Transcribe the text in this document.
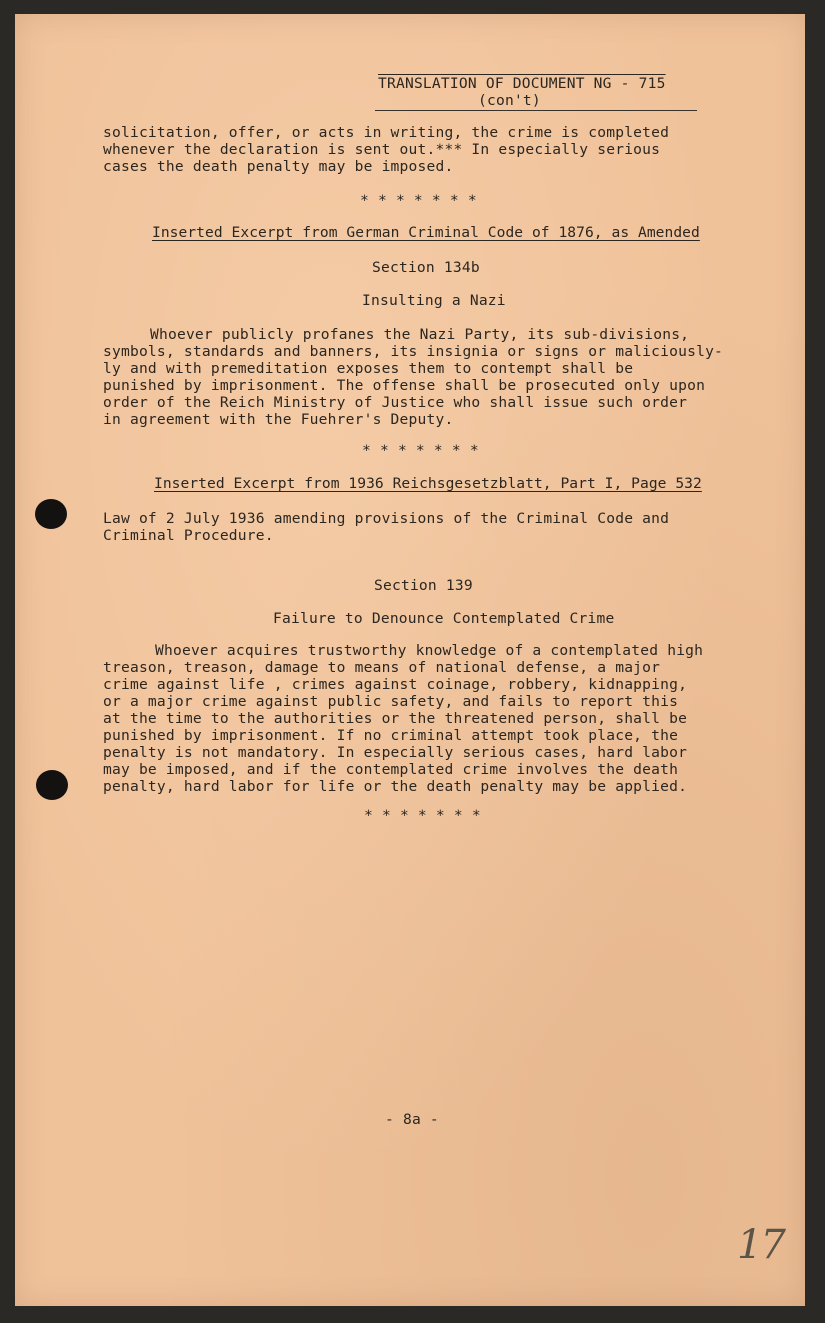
TRANSLATION OF DOCUMENT NG - 715

(con't)

solicitation, offer, or acts in writing, the crime is completed
whenever the declaration is sent out.*** In especially serious
cases the death penalty may be imposed.

* * * * * * *

Inserted Excerpt from German Criminal Code of 1876, as Amended

Section 134b

Insulting a Nazi

Whoever publicly profanes the Nazi Party, its sub-divisions,
symbols, standards and banners, its insignia or signs or maliciously-
ly and with premeditation exposes them to contempt shall be
punished by imprisonment. The offense shall be prosecuted only upon
order of the Reich Ministry of Justice who shall issue such order
in agreement with the Fuehrer's Deputy.

* * * * * * *

Inserted Excerpt from 1936 Reichsgesetzblatt, Part I, Page 532

Law of 2 July 1936 amending provisions of the Criminal Code and
Criminal Procedure.

Section 139

Failure to Denounce Contemplated Crime

Whoever acquires trustworthy knowledge of a contemplated high
treason, treason, damage to means of national defense, a major
crime against life , crimes against coinage, robbery, kidnapping,
or a major crime against public safety, and fails to report this
at the time to the authorities or the threatened person, shall be
punished by imprisonment. If no criminal attempt took place, the
penalty is not mandatory. In especially serious cases, hard labor
may be imposed, and if the contemplated crime involves the death
penalty, hard labor for life or the death penalty may be applied.

* * * * * * *

- 8a -

17
